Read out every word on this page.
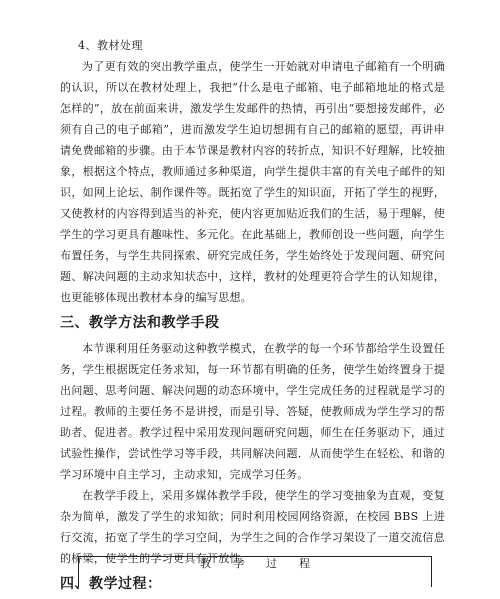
4、教材处理

为了更有效的突出教学重点，使学生一开始就对申请电子邮箱有一个明确的认识，所以在教材处理上，我把“什么是电子邮箱、电子邮箱地址的格式是怎样的”，放在前面来讲，激发学生发邮件的热情，再引出“要想接发邮件，必须有自己的电子邮箱”，进而激发学生迫切想拥有自己的邮箱的愿望，再讲申请免费邮箱的步骤。由于本节课是教材内容的转折点，知识不好理解，比较抽象，根据这个特点，教师通过多种渠道，向学生提供丰富的有关电子邮件的知识，如网上论坛、制作课件等。既拓宽了学生的知识面，开拓了学生的视野，又使教材的内容得到适当的补充，使内容更加贴近我们的生活，易于理解，使学生的学习更具有趣味性、多元化。在此基础上，教师创设一些问题，向学生布置任务，与学生共同探索、研究完成任务，学生始终处于发现问题、研究问题、解决问题的主动求知状态中，这样，教材的处理更符合学生的认知规律，也更能够体现出教材本身的编写思想。

三、教学方法和教学手段

本节课利用任务驱动这种教学模式，在教学的每一个环节都给学生设置任务，学生根据既定任务求知，每一环节都有明确的任务，使学生始终置身于提出问题、思考问题、解决问题的动态环境中，学生完成任务的过程就是学习的过程。教师的主要任务不是讲授，而是引导、答疑，使教师成为学生学习的帮助者、促进者。教学过程中采用发现问题研究问题，师生在任务驱动下，通过试验性操作，尝试性学习等手段，共同解决问题．从而使学生在轻松、和谐的学习环境中自主学习，主动求知，完成学习任务。

在教学手段上，采用多媒体教学手段，使学生的学习变抽象为直观，变复杂为简单，激发了学生的求知欲；同时利用校园网络资源，在校园 BBS 上进行交流，拓宽了学生的学习空间，为学生之间的合作学习架设了一道交流信息的桥梁，使学生的学习更具有开放性。

四、教学过程：
教学过程
